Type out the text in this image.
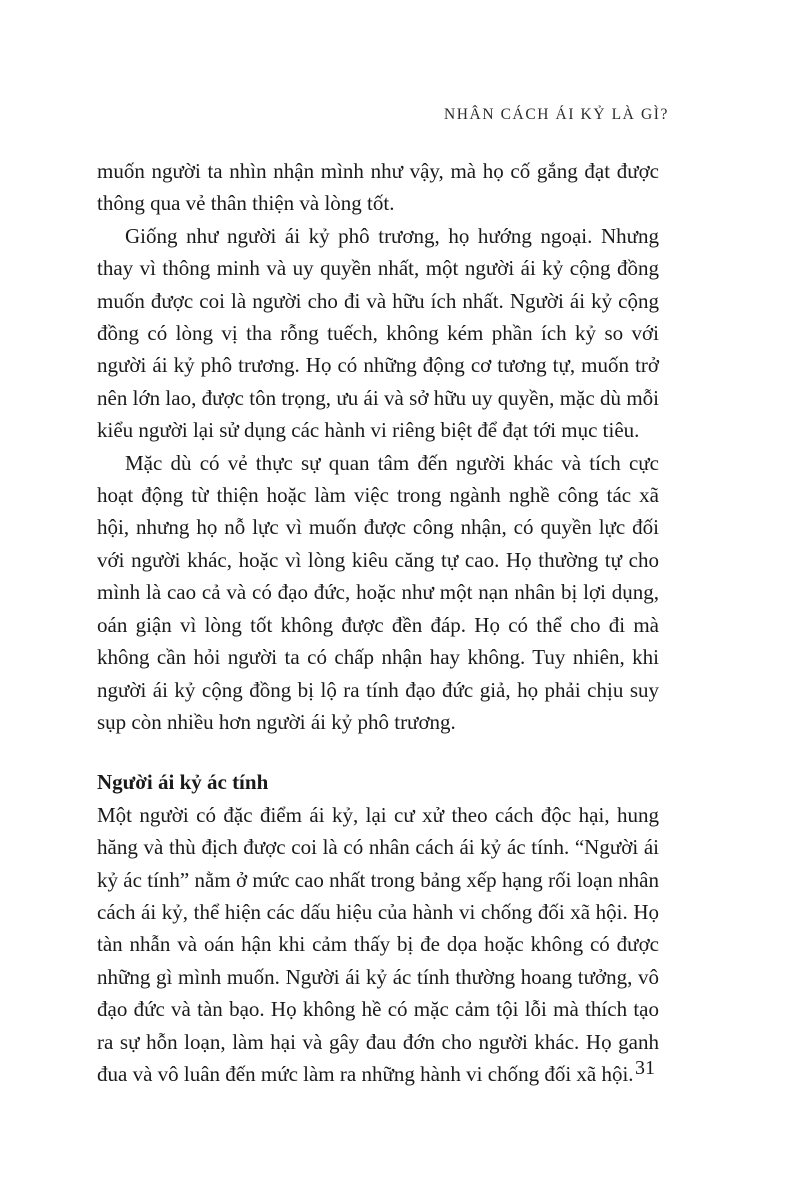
NHÂN CÁCH ÁI KỶ LÀ GÌ?

muốn người ta nhìn nhận mình như vậy, mà họ cố gắng đạt được thông qua vẻ thân thiện và lòng tốt.

Giống như người ái kỷ phô trương, họ hướng ngoại. Nhưng thay vì thông minh và uy quyền nhất, một người ái kỷ cộng đồng muốn được coi là người cho đi và hữu ích nhất. Người ái kỷ cộng đồng có lòng vị tha rỗng tuếch, không kém phần ích kỷ so với người ái kỷ phô trương. Họ có những động cơ tương tự, muốn trở nên lớn lao, được tôn trọng, ưu ái và sở hữu uy quyền, mặc dù mỗi kiểu người lại sử dụng các hành vi riêng biệt để đạt tới mục tiêu.

Mặc dù có vẻ thực sự quan tâm đến người khác và tích cực hoạt động từ thiện hoặc làm việc trong ngành nghề công tác xã hội, nhưng họ nỗ lực vì muốn được công nhận, có quyền lực đối với người khác, hoặc vì lòng kiêu căng tự cao. Họ thường tự cho mình là cao cả và có đạo đức, hoặc như một nạn nhân bị lợi dụng, oán giận vì lòng tốt không được đền đáp. Họ có thể cho đi mà không cần hỏi người ta có chấp nhận hay không. Tuy nhiên, khi người ái kỷ cộng đồng bị lộ ra tính đạo đức giả, họ phải chịu suy sụp còn nhiều hơn người ái kỷ phô trương.

Người ái kỷ ác tính

Một người có đặc điểm ái kỷ, lại cư xử theo cách độc hại, hung hăng và thù địch được coi là có nhân cách ái kỷ ác tính. “Người ái kỷ ác tính” nằm ở mức cao nhất trong bảng xếp hạng rối loạn nhân cách ái kỷ, thể hiện các dấu hiệu của hành vi chống đối xã hội. Họ tàn nhẫn và oán hận khi cảm thấy bị đe dọa hoặc không có được những gì mình muốn. Người ái kỷ ác tính thường hoang tưởng, vô đạo đức và tàn bạo. Họ không hề có mặc cảm tội lỗi mà thích tạo ra sự hỗn loạn, làm hại và gây đau đớn cho người khác. Họ ganh đua và vô luân đến mức làm ra những hành vi chống đối xã hội. 31
